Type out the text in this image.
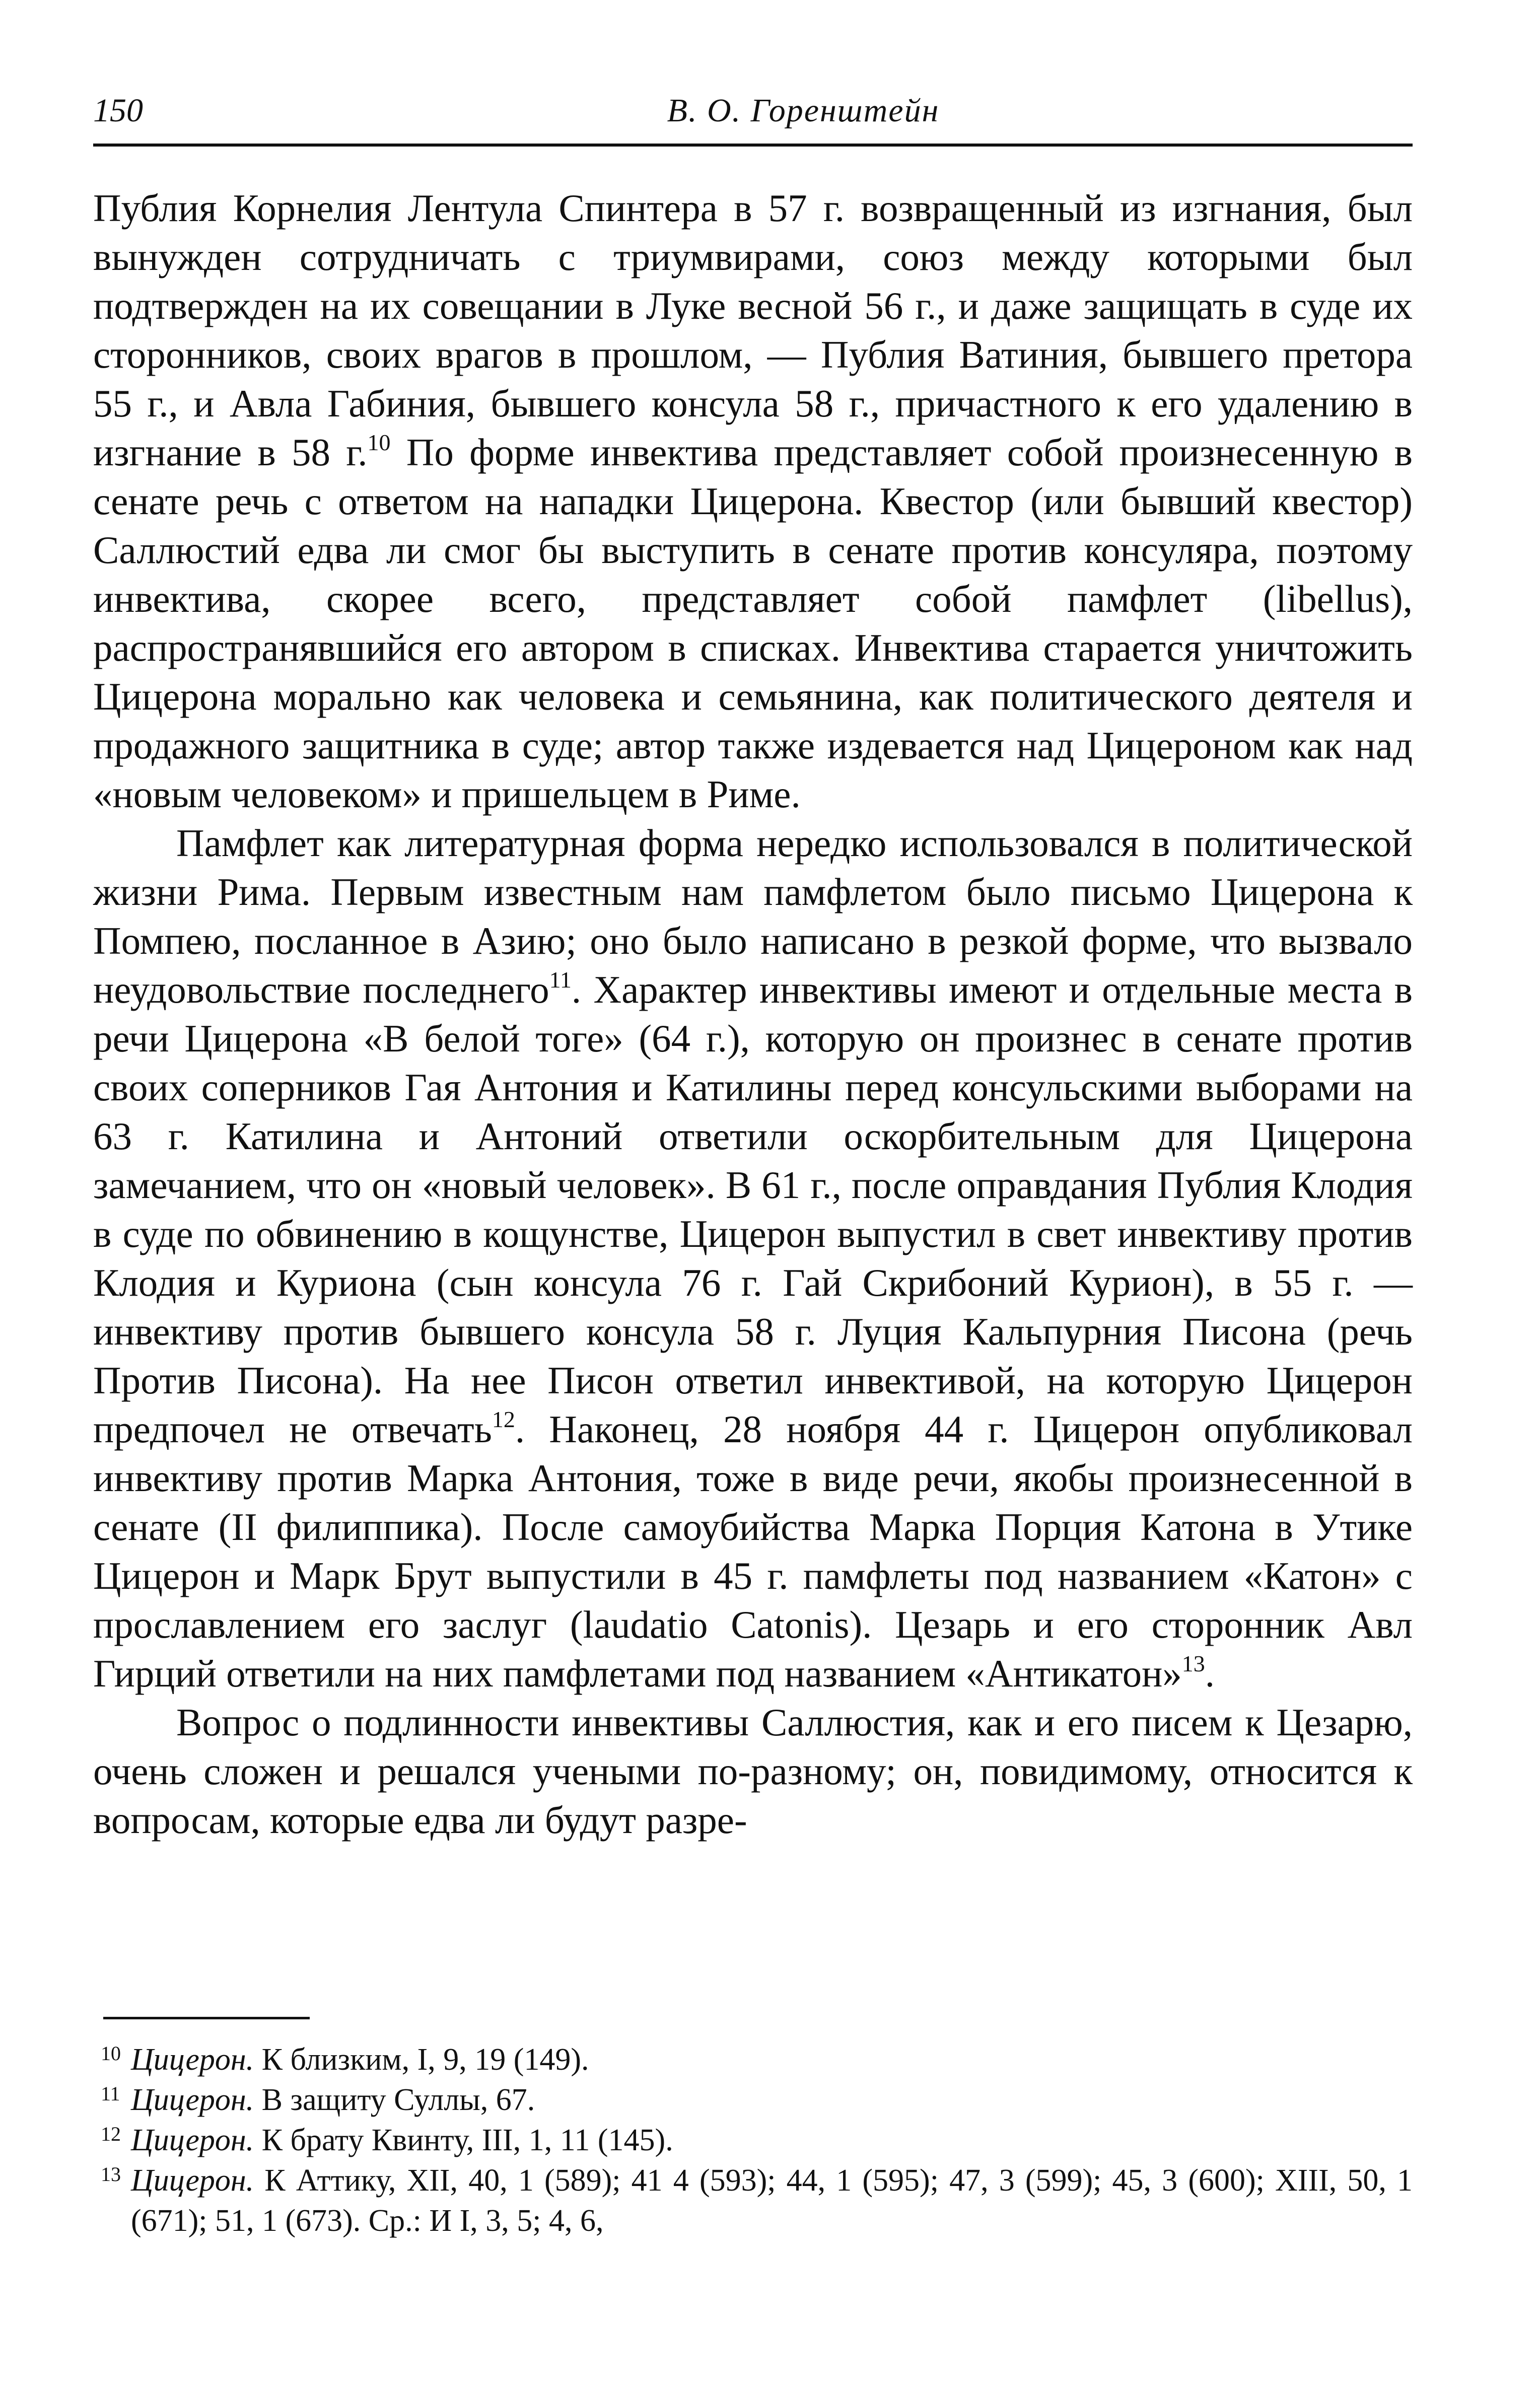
150	В. О. Горенштейн

Публия Корнелия Лентула Спинтера в 57 г. возвращенный из изгнания, был вынужден сотрудничать с триумвирами, союз между которыми был подтвержден на их совещании в Луке весной 56 г., и даже защищать в суде их сторонников, своих врагов в прошлом, — Публия Ватиния, бывшего претора 55 г., и Авла Габиния, бывшего консула 58 г., причастного к его удалению в изгнание в 58 г.$^{10}$ По форме инвектива представляет собой произнесенную в сенате речь с ответом на нападки Цицерона. Квестор (или бывший квестор) Саллюстий едва ли смог бы выступить в сенате против консуляра, поэтому инвектива, скорее всего, представляет собой памфлет (libellus), распространявшийся его автором в списках. Инвектива старается уничтожить Цицерона морально как человека и семьянина, как политического деятеля и продажного защитника в суде; автор также издевается над Цицероном как над «новым человеком» и пришельцем в Риме.

Памфлет как литературная форма нередко использовался в политической жизни Рима. Первым известным нам памфлетом было письмо Цицерона к Помпею, посланное в Азию; оно было написано в резкой форме, что вызвало неудовольствие последнего$^{11}$. Характер инвективы имеют и отдельные места в речи Цицерона «В белой тоге» (64 г.), которую он произнес в сенате против своих соперников Гая Антония и Катилины перед консульскими выборами на 63 г. Катилина и Антоний ответили оскорбительным для Цицерона замечанием, что он «новый человек». В 61 г., после оправдания Публия Клодия в суде по обвинению в кощунстве, Цицерон выпустил в свет инвективу против Клодия и Куриона (сын консула 76 г. Гай Скрибоний Курион), в 55 г. — инвективу против бывшего консула 58 г. Луция Кальпурния Писона (речь Против Писона). На нее Писон ответил инвективой, на которую Цицерон предпочел не отвечать$^{12}$. Наконец, 28 ноября 44 г. Цицерон опубликовал инвективу против Марка Антония, тоже в виде речи, якобы произнесенной в сенате (II филиппика). После самоубийства Марка Порция Катона в Утике Цицерон и Марк Брут выпустили в 45 г. памфлеты под названием «Катон» с прославлением его заслуг (laudatio Catonis). Цезарь и его сторонник Авл Гирций ответили на них памфлетами под названием «Антикатон»$^{13}$.

Вопрос о подлинности инвективы Саллюстия, как и его писем к Цезарю, очень сложен и решался учеными по-разному; он, повидимому, относится к вопросам, которые едва ли будут разре-

10 Цицерон. К близким, I, 9, 19 (149).
11 Цицерон. В защиту Суллы, 67.
12 Цицерон. К брату Квинту, III, 1, 11 (145).
13 Цицерон. К Аттику, XII, 40, 1 (589); 41 4 (593); 44, 1 (595); 47, 3 (599); 45, 3 (600); XIII, 50, 1 (671); 51, 1 (673). Ср.: И I, 3, 5; 4, 6,
